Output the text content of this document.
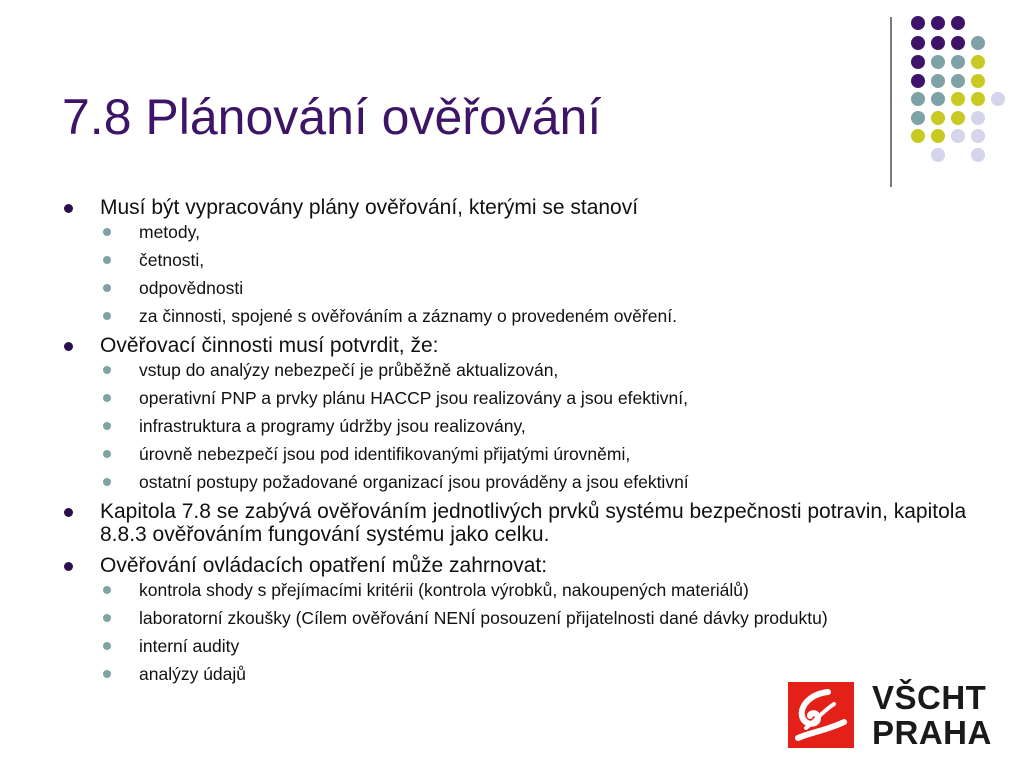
7.8 Plánování ověřování
Musí být vypracovány plány ověřování, kterými se stanoví
metody,
četnosti,
odpovědnosti
za činnosti, spojené s ověřováním a záznamy o provedeném ověření.
Ověřovací činnosti musí potvrdit, že:
vstup do analýzy nebezpečí je průběžně aktualizován,
operativní PNP a prvky plánu HACCP jsou realizovány a jsou efektivní,
infrastruktura a programy údržby jsou realizovány,
úrovně nebezpečí jsou pod identifikovanými přijatými úrovněmi,
ostatní postupy požadované organizací jsou prováděny a jsou efektivní
Kapitola 7.8 se zabývá ověřováním jednotlivých prvků systému bezpečnosti potravin, kapitola 8.8.3 ověřováním fungování systému jako celku.
Ověřování ovládacích opatření může zahrnovat:
kontrola shody s přejímacími kritérii (kontrola výrobků, nakoupených materiálů)
laboratorní zkoušky (Cílem ověřování NENÍ posouzení přijatelnosti dané dávky produktu)
interní audity
analýzy údajů
VŠCHT
PRAHA
